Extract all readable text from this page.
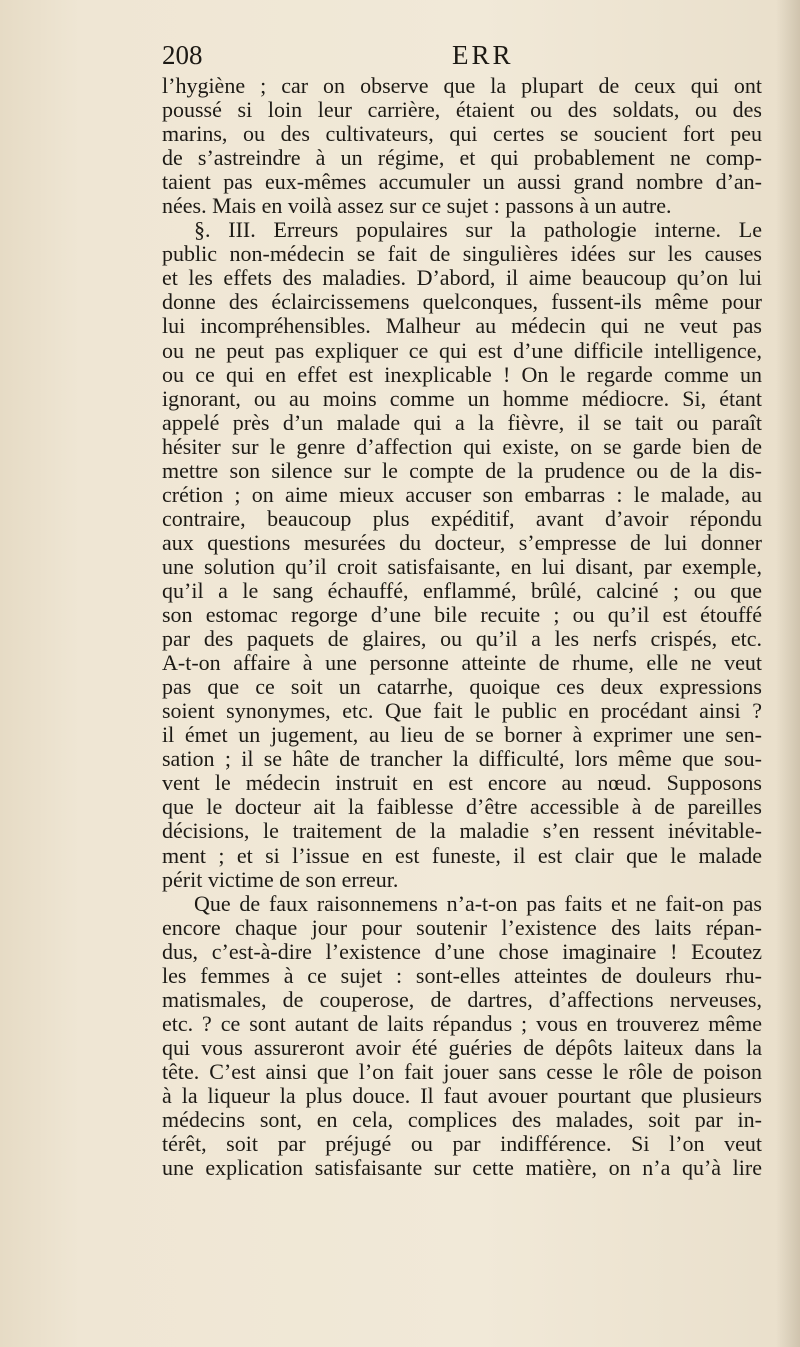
208	ERR
l’hygiène ; car on observe que la plupart de ceux qui ont
poussé si loin leur carrière, étaient ou des soldats, ou des
marins, ou des cultivateurs, qui certes se soucient fort peu
de s’astreindre à un régime, et qui probablement ne comp-
taient pas eux-mêmes accumuler un aussi grand nombre d’an-
nées. Mais en voilà assez sur ce sujet : passons à un autre.
§. III. Erreurs populaires sur la pathologie interne. Le
public non-médecin se fait de singulières idées sur les causes
et les effets des maladies. D’abord, il aime beaucoup qu’on lui
donne des éclaircissemens quelconques, fussent-ils même pour
lui incompréhensibles. Malheur au médecin qui ne veut pas
ou ne peut pas expliquer ce qui est d’une difficile intelligence,
ou ce qui en effet est inexplicable ! On le regarde comme un
ignorant, ou au moins comme un homme médiocre. Si, étant
appelé près d’un malade qui a la fièvre, il se tait ou paraît
hésiter sur le genre d’affection qui existe, on se garde bien de
mettre son silence sur le compte de la prudence ou de la dis-
crétion ; on aime mieux accuser son embarras : le malade, au
contraire, beaucoup plus expéditif, avant d’avoir répondu
aux questions mesurées du docteur, s’empresse de lui donner
une solution qu’il croit satisfaisante, en lui disant, par exemple,
qu’il a le sang échauffé, enflammé, brûlé, calciné ; ou que
son estomac regorge d’une bile recuite ; ou qu’il est étouffé
par des paquets de glaires, ou qu’il a les nerfs crispés, etc.
A-t-on affaire à une personne atteinte de rhume, elle ne veut
pas que ce soit un catarrhe, quoique ces deux expressions
soient synonymes, etc. Que fait le public en procédant ainsi ?
il émet un jugement, au lieu de se borner à exprimer une sen-
sation ; il se hâte de trancher la difficulté, lors même que sou-
vent le médecin instruit en est encore au nœud. Supposons
que le docteur ait la faiblesse d’être accessible à de pareilles
décisions, le traitement de la maladie s’en ressent inévitable-
ment ; et si l’issue en est funeste, il est clair que le malade
périt victime de son erreur.
Que de faux raisonnemens n’a-t-on pas faits et ne fait-on pas
encore chaque jour pour soutenir l’existence des laits répan-
dus, c’est-à-dire l’existence d’une chose imaginaire ! Ecoutez
les femmes à ce sujet : sont-elles atteintes de douleurs rhu-
matismales, de couperose, de dartres, d’affections nerveuses,
etc. ? ce sont autant de laits répandus ; vous en trouverez même
qui vous assureront avoir été guéries de dépôts laiteux dans la
tête. C’est ainsi que l’on fait jouer sans cesse le rôle de poison
à la liqueur la plus douce. Il faut avouer pourtant que plusieurs
médecins sont, en cela, complices des malades, soit par in-
térêt, soit par préjugé ou par indifférence. Si l’on veut
une explication satisfaisante sur cette matière, on n’a qu’à lire
